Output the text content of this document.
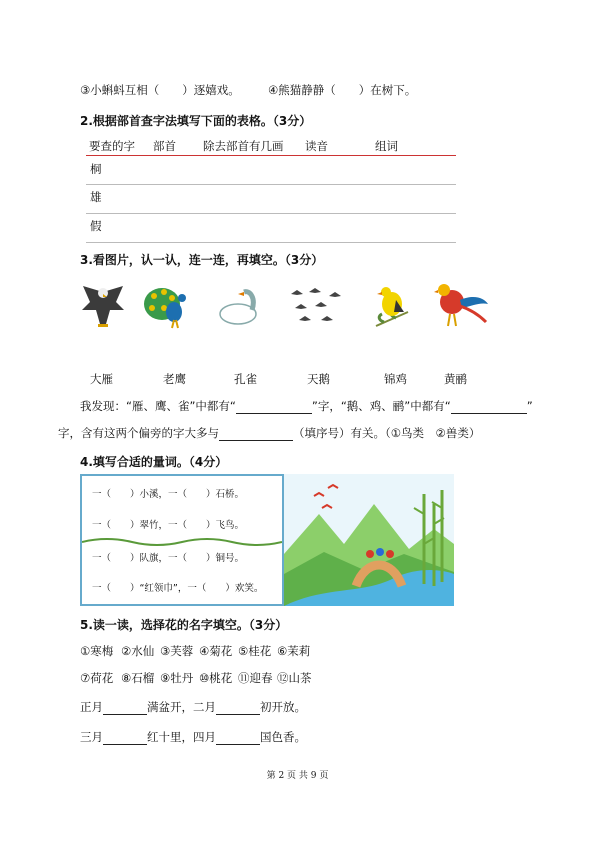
③小蝌蚪互相（　　）逐嬉戏。 ④熊猫静静（　　）在树下。
2.根据部首查字法填写下面的表格。（3分）
要查的字 部首 除去部首有几画 读音	组词
桐
雄
假
3.看图片，认一认，连一连，再填空。（3分）
大雁	老鹰	孔雀	天鹅	锦鸡	黄鹂
我发现：“雁、鹰、雀”中都有“	”字，“鹅、鸡、鹂”中都有“	”
字，含有这两个偏旁的字大多与	（填序号）有关。（①鸟类　②兽类）
4.填写合适的量词。（4分）
一（　　）小溪，一（　　）石桥。
一（　　）翠竹，一（　　）飞鸟。
一（　　）队旗，一（　　）铜号。
一（　　）“红领巾”，一（　　）欢笑。
5.读一读，选择花的名字填空。（3分）
①寒梅 ②水仙 ③芙蓉 ④菊花 ⑤桂花 ⑥茉莉
⑦荷花 ⑧石榴 ⑨牡丹 ⑩桃花 ⑪迎春 ⑫山茶
正月	满盆开，二月	初开放。
三月	红十里，四月	国色香。
第 2 页 共 9 页
